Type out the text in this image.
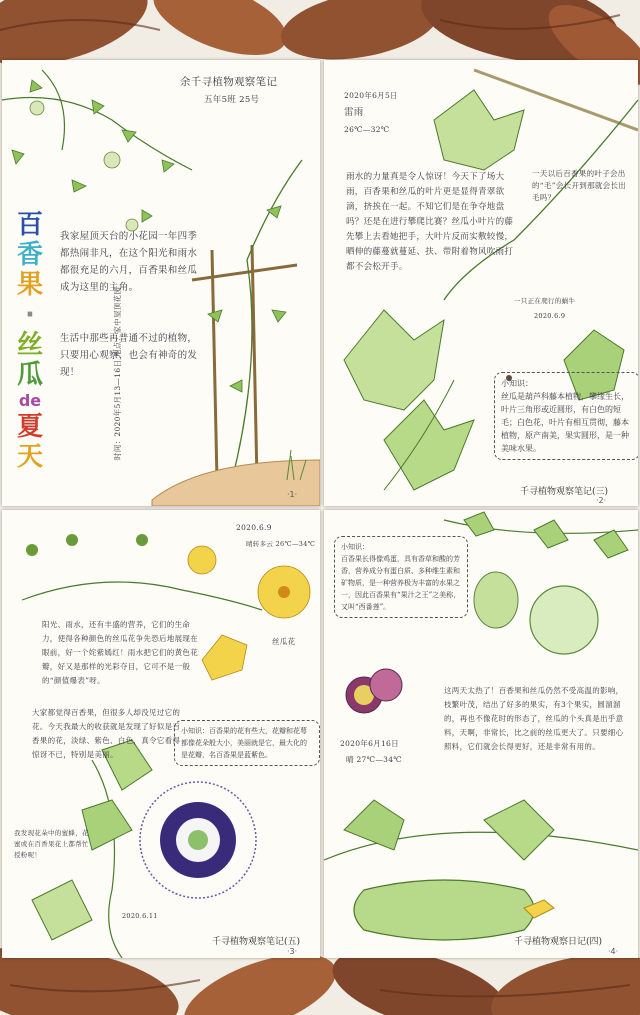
余千寻植物观察笔记
五年5班 25号
百
香
果
·
丝
瓜
de
夏
天
我家屋顶天台的小花园一年四季都热闹非凡，在这个阳光和雨水都很充足的六月，百香果和丝瓜成为这里的主角。
生活中那些再普通不过的植物，只要用心观察，也会有神奇的发现！	时间：2020年5月13—16日 地点：家中屋顶花园
·1·
2020年6月5日
雷雨
26℃—32℃
雨水的力量真是令人惊讶！今天下了场大雨，百香果和丝瓜的叶片更是显得青翠欲滴，挤挨在一起。不知它们是在争夺地盘吗？还是在进行攀爬比赛？丝瓜小叶片的藤先攀上去看她把手，大叶片反而实敷较慢，晒伸的藤蔓就蔓延、扶、带附着物风吹雨打都不会松开手。
一天以后百香果的叶子会出的“毛”会长开到那就会长出毛吗？
一只正在爬行的蜗牛
2020.6.9
小知识：
丝瓜是葫芦科藤本植物，攀缘生长，叶片三角形或近圆形，有白色的短毛；白色花，叶片有相互贯彻，藤本植物，原产南美，果实圆形，是一种美味水果。
千寻植物观察笔记(三)
·2·
2020.6.9
晴转多云 26℃—34℃
阳光、雨水，还有丰盛的营养，它们的生命力，使得各种颜色的丝瓜花争先恐后地展现在眼前，好一个姹紫嫣红！雨水把它们的黄色花瓣，好又是那样的光彩夺目，它可不是一般的“颜值爆表”呀。
大家都觉得百香果，但很多人却没见过它的花。今天我最大的收获就是发现了好似是百香果的花，淡绿、紫色、白色，真令它看得惊讶不已，特别是美丽。
小知识：百香果的花有些大，花瓣和花萼都像花朵般大小，美丽就是它，最大化的是花瓣，名百香果是蓝紫色。
丝瓜花
我发现花朵中的蜜蜂，花蜜或在百香果花上都帮忙授粉呢！
2020.6.11
千寻植物观察笔记(五)
·3·
小知识：
百香果长得像鸡蛋，具有香草和酸的芳香，营养成分有蛋白质、多种维生素和矿物质，是一种营养极为丰富的水果之一，因此百香果有“果汁之王”之美称，又叫“西番莲”。
2020年6月16日
晴 27℃—34℃
这两天太热了！百香果和丝瓜仍然不受高温的影响，枝繁叶茂，结出了好多的果实，有3个果实，圆溜溜的，再也不像花时的形态了，丝瓜的个头真是出乎意料，天啊，非常长，比之前的丝瓜更大了。只要细心照料，它们就会长得更好，还是非常有用的。
千寻植物观察日记(四)
·4·
